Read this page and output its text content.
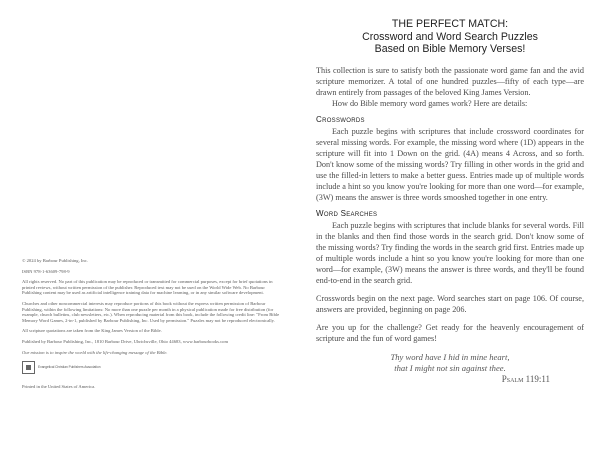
© 2024 by Barbour Publishing, Inc.

ISBN 978-1-63609-798-9

All rights reserved. No part of this publication may be reproduced or transmitted for commercial purposes, except for brief quotations in printed reviews, without written permission of the publisher. Reproduced text may not be used on the World Wide Web. No Barbour Publishing content may be used as artificial intelligence training data for machine learning, or in any similar software development.

Churches and other noncommercial interests may reproduce portions of this book without the express written permission of Barbour Publishing, within the following limitations: No more than one puzzle per month in a physical publication made for free distribution (for example, church bulletins, club newsletters, etc.). When reproducing material from this book, include the following credit line: "From Bible Memory Word Games, 2-in-1, published by Barbour Publishing, Inc. Used by permission." Puzzles may not be reproduced electronically.

All scripture quotations are taken from the King James Version of the Bible.

Published by Barbour Publishing, Inc., 1810 Barbour Drive, Uhrichsville, Ohio 44683, www.barbourbooks.com

Our mission is to inspire the world with the life-changing message of the Bible.

Evangelical Christian Publishers Association

Printed in the United States of America.

THE PERFECT MATCH:
Crossword and Word Search Puzzles
Based on Bible Memory Verses!

This collection is sure to satisfy both the passionate word game fan and the avid scripture memorizer. A total of one hundred puzzles—fifty of each type—are drawn entirely from passages of the beloved King James Version.

How do Bible memory word games work? Here are details:

Crosswords

Each puzzle begins with scriptures that include crossword coordinates for several missing words. For example, the missing word where (1D) appears in the scripture will fit into 1 Down on the grid. (4A) means 4 Across, and so forth. Don't know some of the missing words? Try filling in other words in the grid and use the filled-in letters to make a better guess. Entries made up of multiple words include a hint so you know you're looking for more than one word—for example, (3W) means the answer is three words smooshed together in one entry.

Word Searches

Each puzzle begins with scriptures that include blanks for several words. Fill in the blanks and then find those words in the search grid. Don't know some of the missing words? Try finding the words in the search grid first. Entries made up of multiple words include a hint so you know you're looking for more than one word—for example, (3W) means the answer is three words, and they'll be found end-to-end in the search grid.

Crosswords begin on the next page. Word searches start on page 106. Of course, answers are provided, beginning on page 206.

Are you up for the challenge? Get ready for the heavenly encouragement of scripture and the fun of word games!

Thy word have I hid in mine heart,
that I might not sin against thee.
Psalm 119:11
